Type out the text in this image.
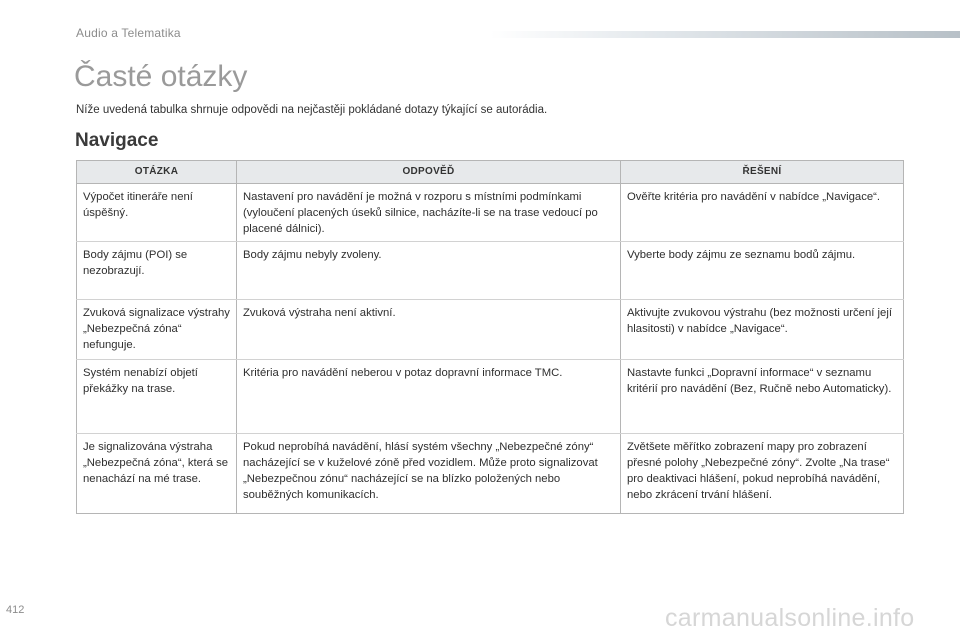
Audio a Telematika
Časté otázky
Níže uvedená tabulka shrnuje odpovědi na nejčastěji pokládané dotazy týkající se autorádia.
Navigace
OTÁZKA	ODPOVĚĎ	ŘEŠENÍ
Výpočet itineráře není úspěšný.	Nastavení pro navádění je možná v rozporu s místními podmínkami (vyloučení placených úseků silnice, nacházíte-li se na trase vedoucí po placené dálnici).	Ověřte kritéria pro navádění v nabídce „Navigace“.
Body zájmu (POI) se nezobrazují.	Body zájmu nebyly zvoleny.	Vyberte body zájmu ze seznamu bodů zájmu.
Zvuková signalizace výstrahy „Nebezpečná zóna“ nefunguje.	Zvuková výstraha není aktivní.	Aktivujte zvukovou výstrahu (bez možnosti určení její hlasitosti) v nabídce „Navigace“.
Systém nenabízí objetí překážky na trase.	Kritéria pro navádění neberou v potaz dopravní informace TMC.	Nastavte funkci „Dopravní informace“ v seznamu kritérií pro navádění (Bez, Ručně nebo Automaticky).
Je signalizována výstraha „Nebezpečná zóna“, která se nenachází na mé trase.	Pokud neprobíhá navádění, hlásí systém všechny „Nebezpečné zóny“ nacházející se v kuželové zóně před vozidlem. Může proto signalizovat „Nebezpečnou zónu“ nacházející se na blízko položených nebo souběžných komunikacích.	Zvětšete měřítko zobrazení mapy pro zobrazení přesné polohy „Nebezpečné zóny“. Zvolte „Na trase“ pro deaktivaci hlášení, pokud neprobíhá navádění, nebo zkrácení trvání hlášení.
412	carmanualsonline.info
